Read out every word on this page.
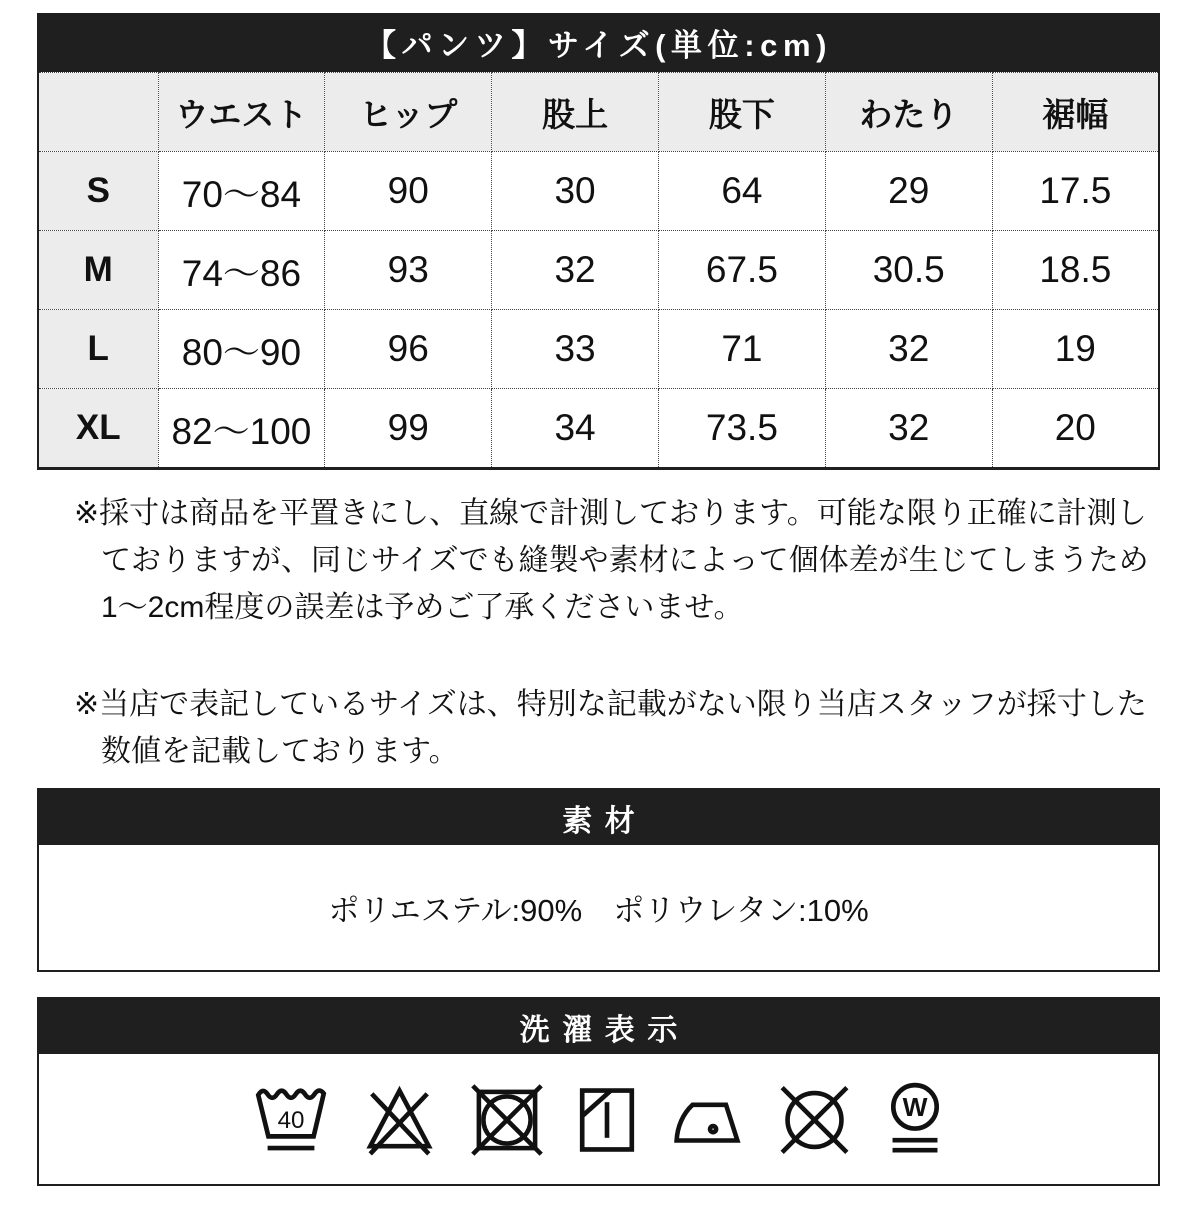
【パンツ】サイズ(単位:cm)
	ウエスト	ヒップ	股上	股下	わたり	裾幅
S	70〜84	90	30	64	29	17.5
M	74〜86	93	32	67.5	30.5	18.5
L	80〜90	96	33	71	32	19
XL	82〜100	99	34	73.5	32	20
※採寸は商品を平置きにし、直線で計測しております。可能な限り正確に計測し
ておりますが、同じサイズでも縫製や素材によって個体差が生じてしまうため
1〜2cm程度の誤差は予めご了承くださいませ。
※当店で表記しているサイズは、特別な記載がない限り当店スタッフが採寸した
数値を記載しております。
素材
ポリエステル:90%　ポリウレタン:10%
洗濯表示
40	W
